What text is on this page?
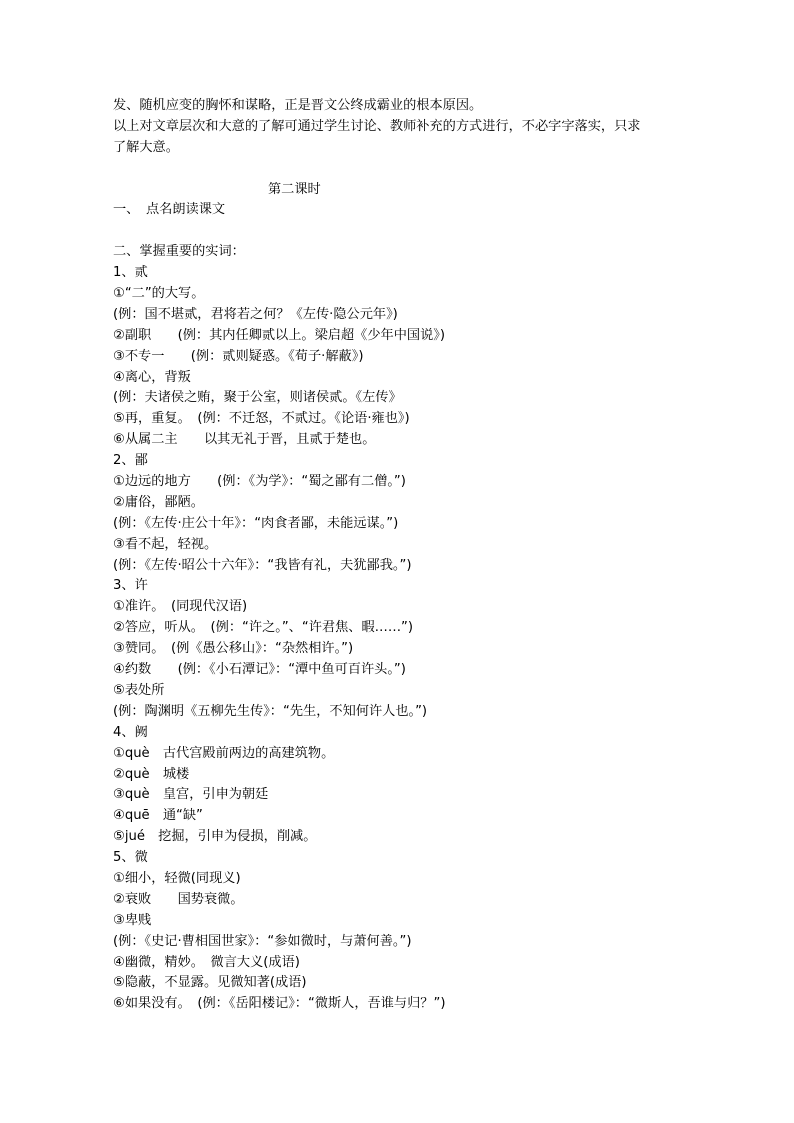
发、随机应变的胸怀和谋略，正是晋文公终成霸业的根本原因。
以上对文章层次和大意的了解可通过学生讨论、教师补充的方式进行，不必字字落实，只求
了解大意。
第二课时
一、　点名朗读课文
二、掌握重要的实词：
1、贰
①“二”的大写。
(例：国不堪贰，君将若之何？《左传·隐公元年》)
②副职　　(例：其内任卿贰以上。梁启超《少年中国说》)
③不专一　　(例：贰则疑惑。《荀子·解蔽》)
④离心，背叛
(例：夫诸侯之贿，聚于公室，则诸侯贰。《左传》
⑤再，重复。　(例：不迁怒，不贰过。《论语·雍也》)
⑥从属二主　　以其无礼于晋，且贰于楚也。
2、鄙
①边远的地方　　(例：《为学》：“蜀之鄙有二僧。”)
②庸俗，鄙陋。
(例：《左传·庄公十年》：“肉食者鄙，未能远谋。”)
③看不起，轻视。
(例：《左传·昭公十六年》：“我皆有礼，夫犹鄙我。”)
3、许
①准许。　(同现代汉语)
②答应，听从。　(例：“许之。”、“许君焦、暇……”)
③赞同。　(例《愚公移山》：“杂然相许。”)
④约数　　(例：《小石潭记》：“潭中鱼可百许头。”)
⑤表处所
(例：陶渊明《五柳先生传》：“先生，不知何许人也。”)
4、阙
①què　古代宫殿前两边的高建筑物。
②què　城楼
③què　皇宫，引申为朝廷
④quē　通“缺”
⑤jué　挖掘，引申为侵损，削减。
5、微
①细小，轻微(同现义)
②衰败　　国势衰微。
③卑贱
(例：《史记·曹相国世家》：“参如微时，与萧何善。”)
④幽微，精妙。　微言大义(成语)
⑤隐蔽，不显露。见微知著(成语)
⑥如果没有。　(例：《岳阳楼记》：“微斯人，吾谁与归？”)
